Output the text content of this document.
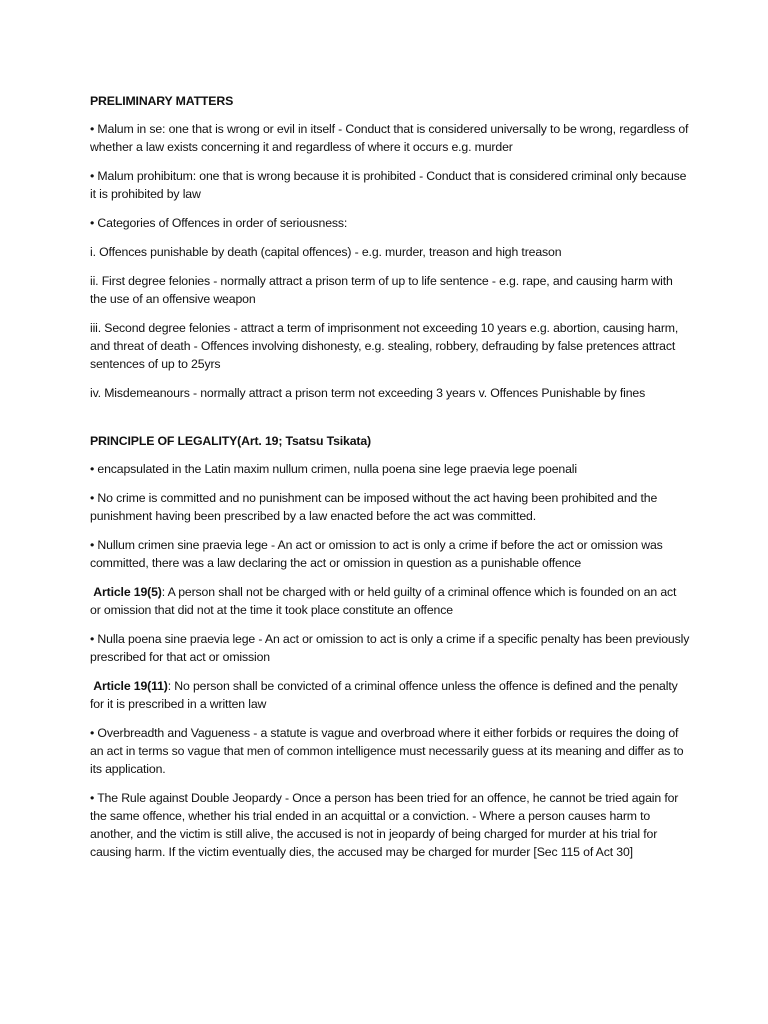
PRELIMINARY MATTERS

• Malum in se: one that is wrong or evil in itself - Conduct that is considered universally to be wrong, regardless of whether a law exists concerning it and regardless of where it occurs e.g. murder

• Malum prohibitum: one that is wrong because it is prohibited - Conduct that is considered criminal only because it is prohibited by law

• Categories of Offences in order of seriousness:

i. Offences punishable by death (capital offences) - e.g. murder, treason and high treason

ii. First degree felonies - normally attract a prison term of up to life sentence - e.g. rape, and causing harm with the use of an offensive weapon

iii. Second degree felonies - attract a term of imprisonment not exceeding 10 years e.g. abortion, causing harm, and threat of death - Offences involving dishonesty, e.g. stealing, robbery, defrauding by false pretences attract sentences of up to 25yrs

iv. Misdemeanours - normally attract a prison term not exceeding 3 years v. Offences Punishable by fines

PRINCIPLE OF LEGALITY(Art. 19; Tsatsu Tsikata)

• encapsulated in the Latin maxim nullum crimen, nulla poena sine lege praevia lege poenali

• No crime is committed and no punishment can be imposed without the act having been prohibited and the punishment having been prescribed by a law enacted before the act was committed.

• Nullum crimen sine praevia lege - An act or omission to act is only a crime if before the act or omission was committed, there was a law declaring the act or omission in question as a punishable offence

Article 19(5): A person shall not be charged with or held guilty of a criminal offence which is founded on an act or omission that did not at the time it took place constitute an offence

• Nulla poena sine praevia lege - An act or omission to act is only a crime if a specific penalty has been previously prescribed for that act or omission

Article 19(11): No person shall be convicted of a criminal offence unless the offence is defined and the penalty for it is prescribed in a written law

• Overbreadth and Vagueness - a statute is vague and overbroad where it either forbids or requires the doing of an act in terms so vague that men of common intelligence must necessarily guess at its meaning and differ as to its application.

• The Rule against Double Jeopardy - Once a person has been tried for an offence, he cannot be tried again for the same offence, whether his trial ended in an acquittal or a conviction. - Where a person causes harm to another, and the victim is still alive, the accused is not in jeopardy of being charged for murder at his trial for causing harm. If the victim eventually dies, the accused may be charged for murder [Sec 115 of Act 30]
